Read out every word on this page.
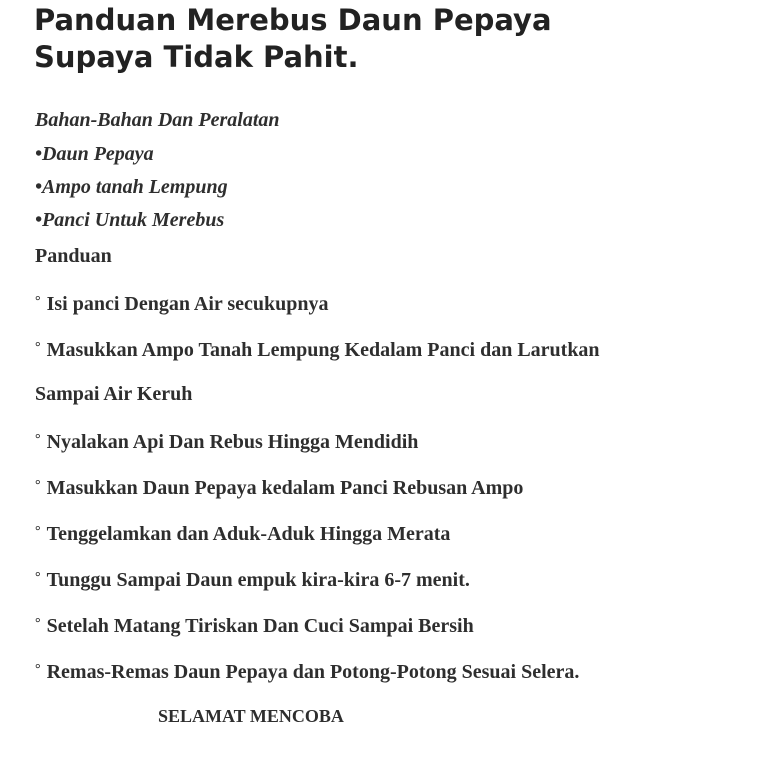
Panduan Merebus Daun Pepaya
Supaya Tidak Pahit.

Bahan-Bahan Dan Peralatan

•Daun Pepaya

•Ampo tanah Lempung

•Panci Untuk Merebus

Panduan

° Isi panci Dengan Air secukupnya

° Masukkan Ampo Tanah Lempung Kedalam Panci dan Larutkan

Sampai Air Keruh

° Nyalakan Api Dan Rebus Hingga Mendidih

° Masukkan Daun Pepaya kedalam Panci Rebusan Ampo

° Tenggelamkan dan Aduk-Aduk Hingga Merata

° Tunggu Sampai Daun empuk kira-kira 6-7 menit.

° Setelah Matang Tiriskan Dan Cuci Sampai Bersih

° Remas-Remas Daun Pepaya dan Potong-Potong Sesuai Selera.

SELAMAT MENCOBA
